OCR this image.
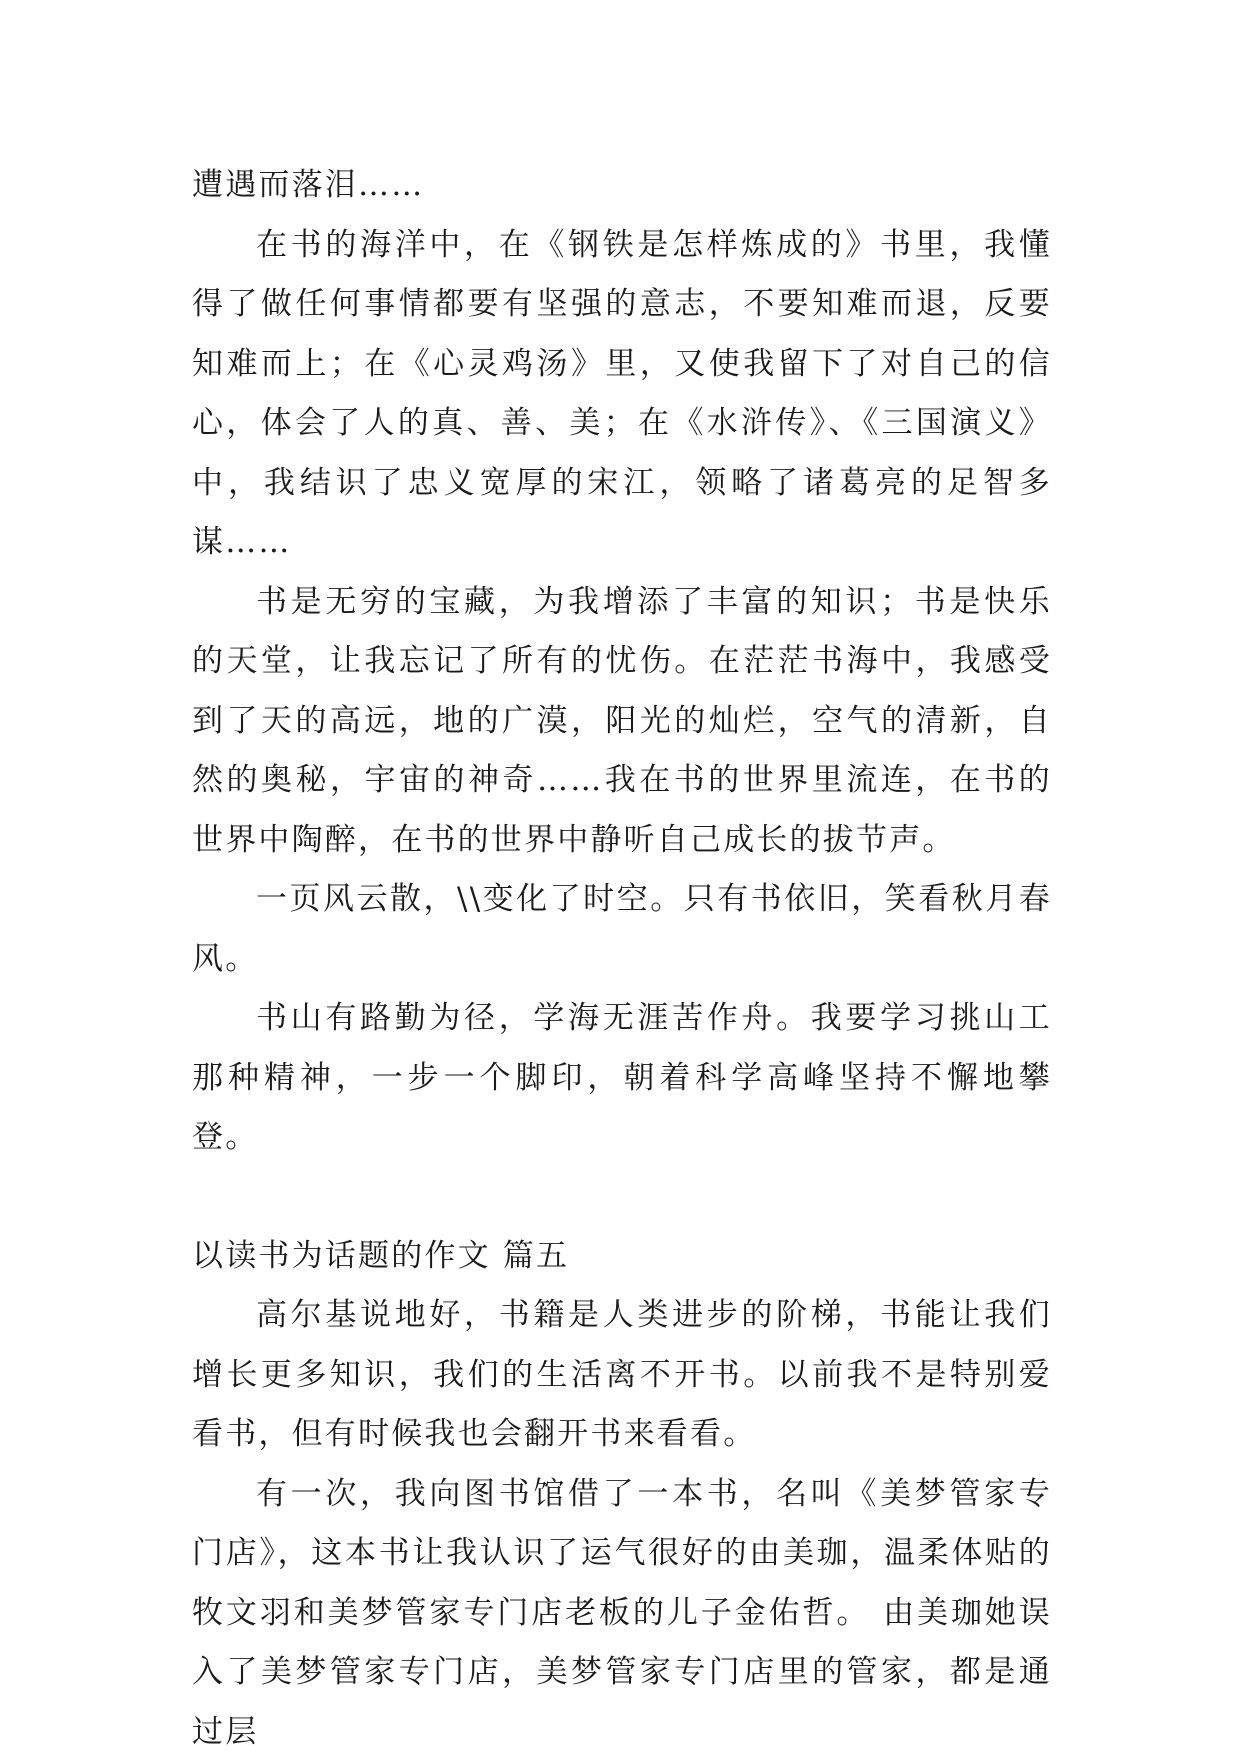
遭遇而落泪……

在书的海洋中，在《钢铁是怎样炼成的》书里，我懂得了做任何事情都要有坚强的意志，不要知难而退，反要知难而上；在《心灵鸡汤》里，又使我留下了对自己的信心，体会了人的真、善、美；在《水浒传》、《三国演义》中，我结识了忠义宽厚的宋江，领略了诸葛亮的足智多谋……

书是无穷的宝藏，为我增添了丰富的知识；书是快乐的天堂，让我忘记了所有的忧伤。在茫茫书海中，我感受到了天的高远，地的广漠，阳光的灿烂，空气的清新，自然的奥秘，宇宙的神奇……我在书的世界里流连，在书的世界中陶醉，在书的世界中静听自己成长的拔节声。

一页风云散，\\变化了时空。只有书依旧，笑看秋月春风。

书山有路勤为径，学海无涯苦作舟。我要学习挑山工那种精神，一步一个脚印，朝着科学高峰坚持不懈地攀登。

以读书为话题的作文 篇五

高尔基说地好，书籍是人类进步的阶梯，书能让我们增长更多知识，我们的生活离不开书。以前我不是特别爱看书，但有时候我也会翻开书来看看。

有一次，我向图书馆借了一本书，名叫《美梦管家专门店》，这本书让我认识了运气很好的由美珈，温柔体贴的牧文羽和美梦管家专门店老板的儿子金佑哲。 由美珈她误入了美梦管家专门店，美梦管家专门店里的管家，都是通过层
